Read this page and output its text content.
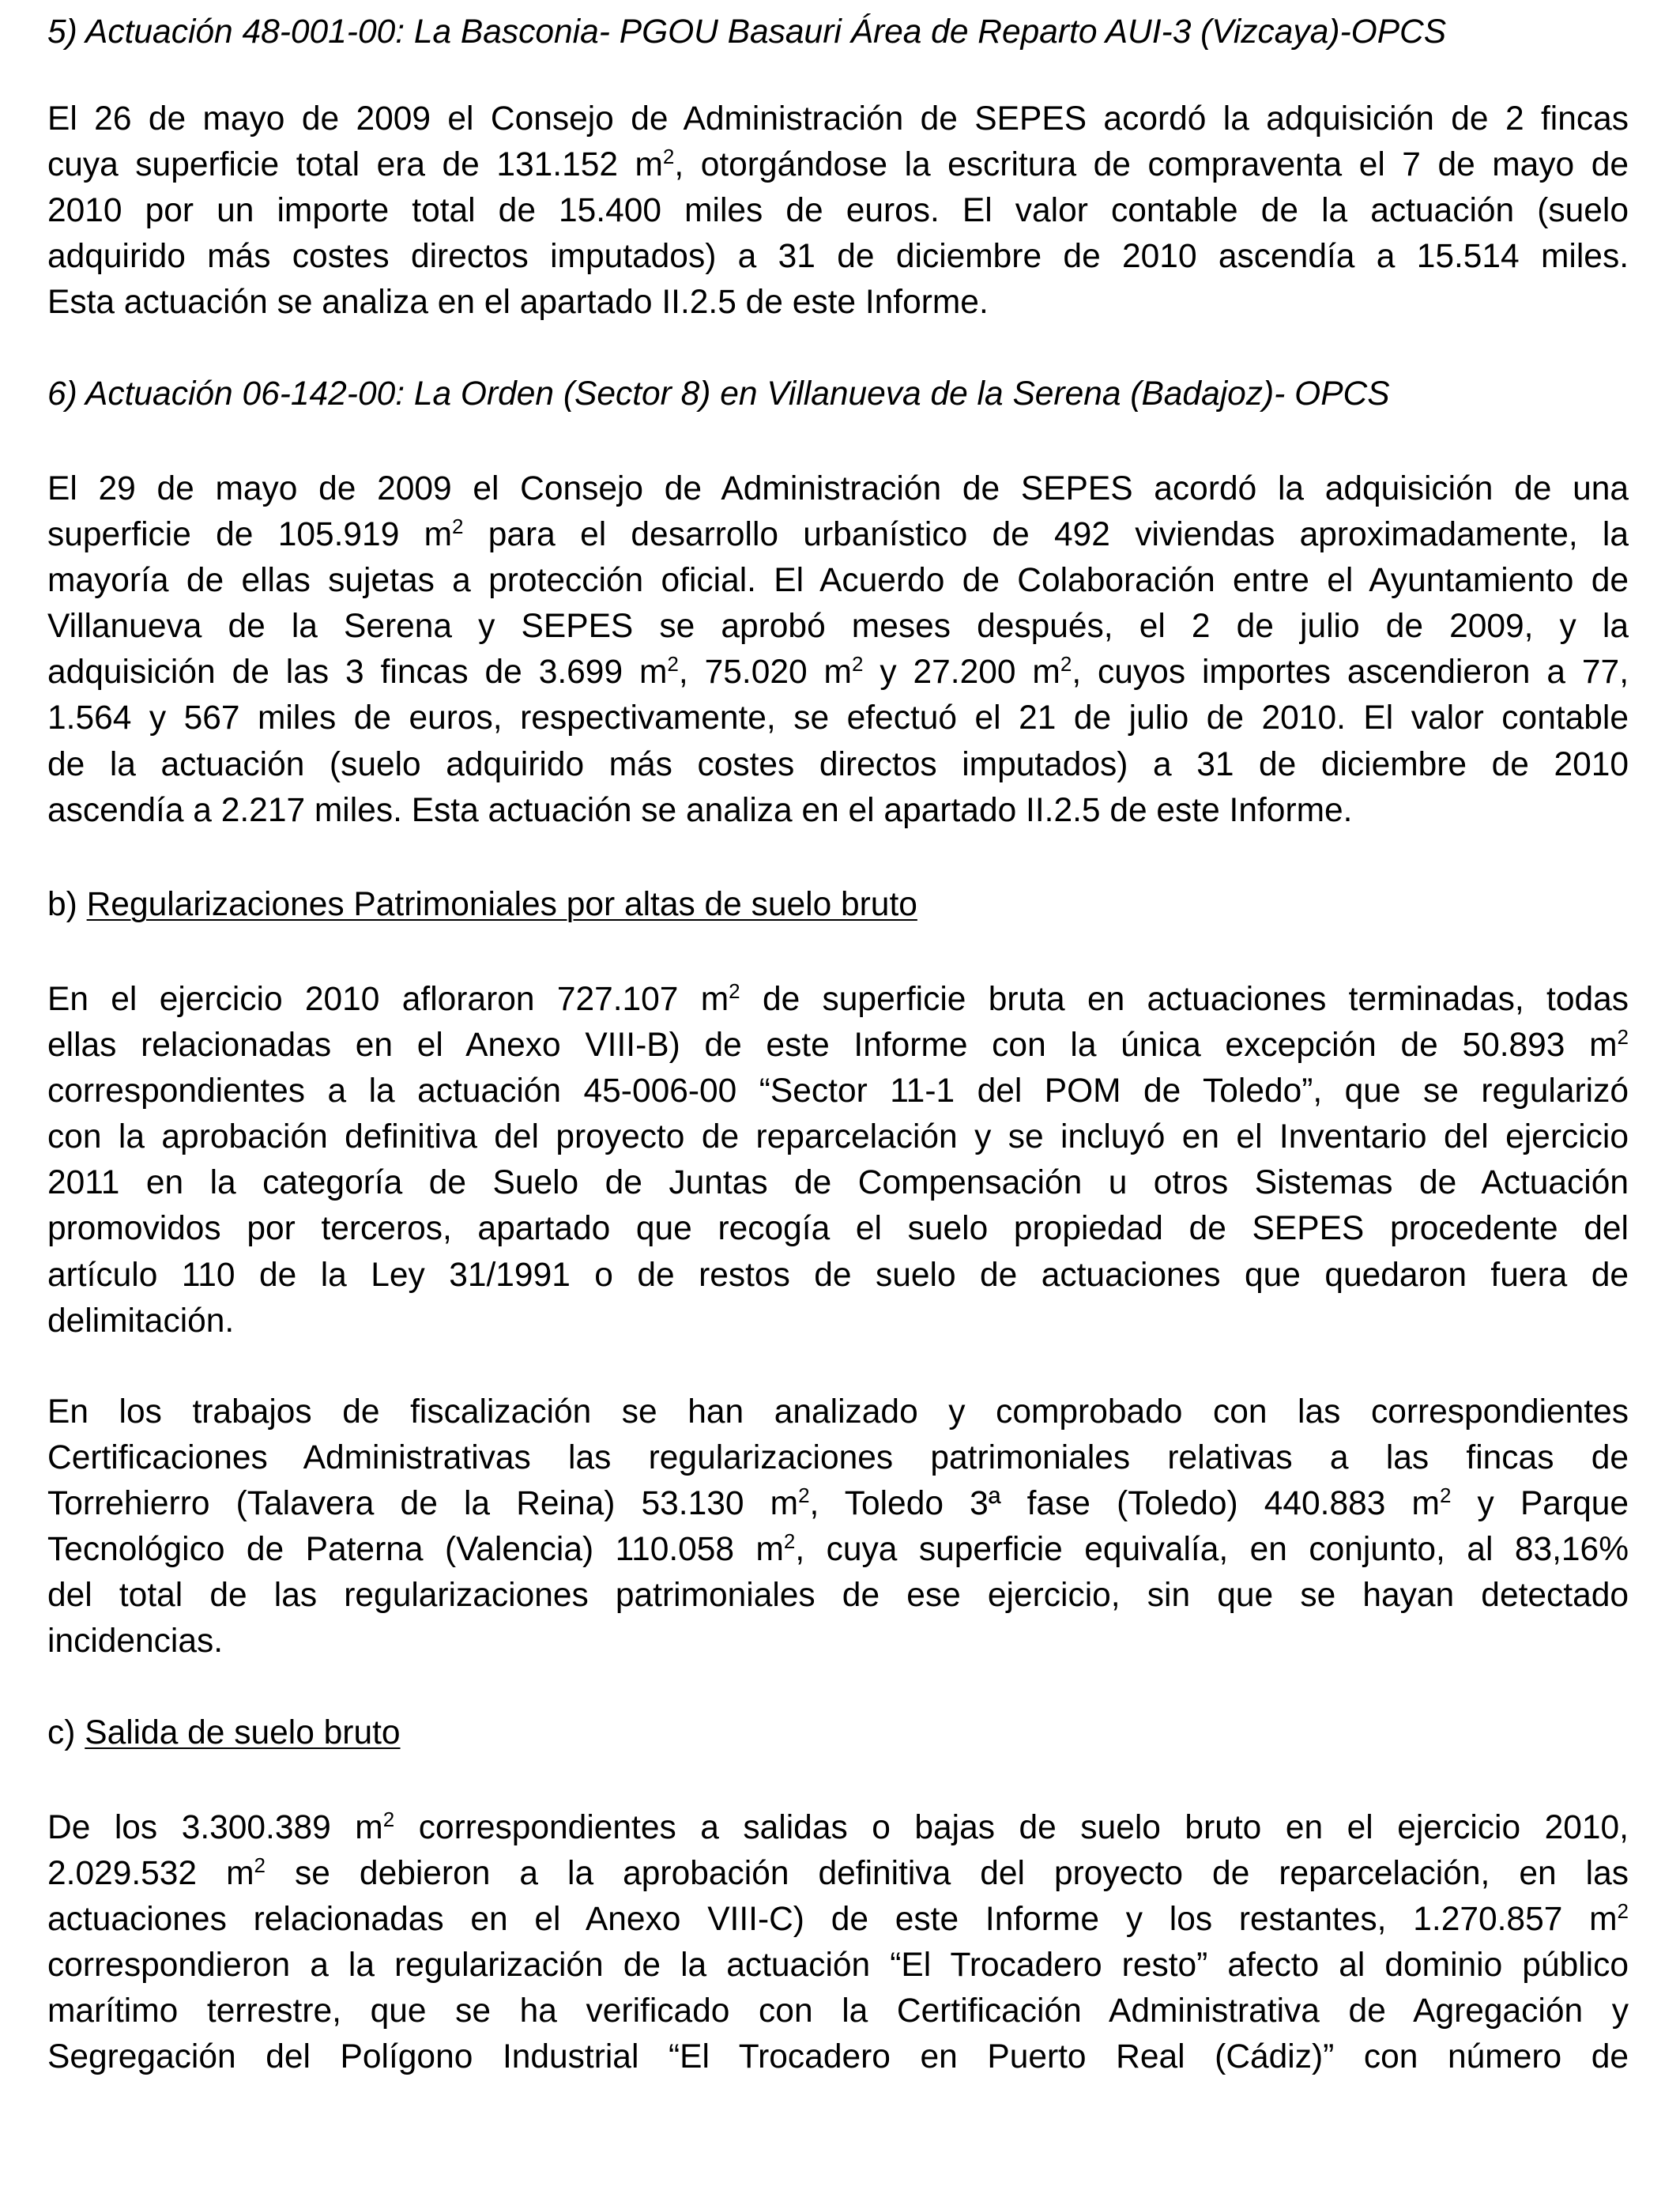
5) Actuación 48-001-00: La Basconia- PGOU Basauri Área de Reparto AUI-3 (Vizcaya)-OPCS

El 26 de mayo de 2009 el Consejo de Administración de SEPES acordó la adquisición de 2 fincas
cuya superficie total era de 131.152 $m^2$, otorgándose la escritura de compraventa el 7 de mayo de
2010 por un importe total de 15.400 miles de euros. El valor contable de la actuación (suelo
adquirido más costes directos imputados) a 31 de diciembre de 2010 ascendía a 15.514 miles.
Esta actuación se analiza en el apartado II.2.5 de este Informe.

6) Actuación 06-142-00: La Orden (Sector 8) en Villanueva de la Serena (Badajoz)- OPCS

El 29 de mayo de 2009 el Consejo de Administración de SEPES acordó la adquisición de una
superficie de 105.919 $m^2$ para el desarrollo urbanístico de 492 viviendas aproximadamente, la
mayoría de ellas sujetas a protección oficial. El Acuerdo de Colaboración entre el Ayuntamiento de
Villanueva de la Serena y SEPES se aprobó meses después, el 2 de julio de 2009, y la
adquisición de las 3 fincas de 3.699 $m^2$, 75.020 $m^2$ y 27.200 $m^2$, cuyos importes ascendieron a 77,
1.564 y 567 miles de euros, respectivamente, se efectuó el 21 de julio de 2010. El valor contable
de la actuación (suelo adquirido más costes directos imputados) a 31 de diciembre de 2010
ascendía a 2.217 miles. Esta actuación se analiza en el apartado II.2.5 de este Informe.

b) Regularizaciones Patrimoniales por altas de suelo bruto

En el ejercicio 2010 afloraron 727.107 $m^2$ de superficie bruta en actuaciones terminadas, todas
ellas relacionadas en el Anexo VIII-B) de este Informe con la única excepción de 50.893 $m^2$
correspondientes a la actuación 45-006-00 “Sector 11-1 del POM de Toledo”, que se regularizó
con la aprobación definitiva del proyecto de reparcelación y se incluyó en el Inventario del ejercicio
2011 en la categoría de Suelo de Juntas de Compensación u otros Sistemas de Actuación
promovidos por terceros, apartado que recogía el suelo propiedad de SEPES procedente del
artículo 110 de la Ley 31/1991 o de restos de suelo de actuaciones que quedaron fuera de
delimitación.
En los trabajos de fiscalización se han analizado y comprobado con las correspondientes
Certificaciones Administrativas las regularizaciones patrimoniales relativas a las fincas de
Torrehierro (Talavera de la Reina) 53.130 $m^2$, Toledo 3ª fase (Toledo) 440.883 $m^2$ y Parque
Tecnológico de Paterna (Valencia) 110.058 $m^2$, cuya superficie equivalía, en conjunto, al 83,16%
del total de las regularizaciones patrimoniales de ese ejercicio, sin que se hayan detectado
incidencias.

c) Salida de suelo bruto

De los 3.300.389 $m^2$ correspondientes a salidas o bajas de suelo bruto en el ejercicio 2010,
2.029.532 $m^2$ se debieron a la aprobación definitiva del proyecto de reparcelación, en las
actuaciones relacionadas en el Anexo VIII-C) de este Informe y los restantes, 1.270.857 $m^2$
correspondieron a la regularización de la actuación “El Trocadero resto” afecto al dominio público
marítimo terrestre, que se ha verificado con la Certificación Administrativa de Agregación y
Segregación del Polígono Industrial “El Trocadero en Puerto Real (Cádiz)” con número de
